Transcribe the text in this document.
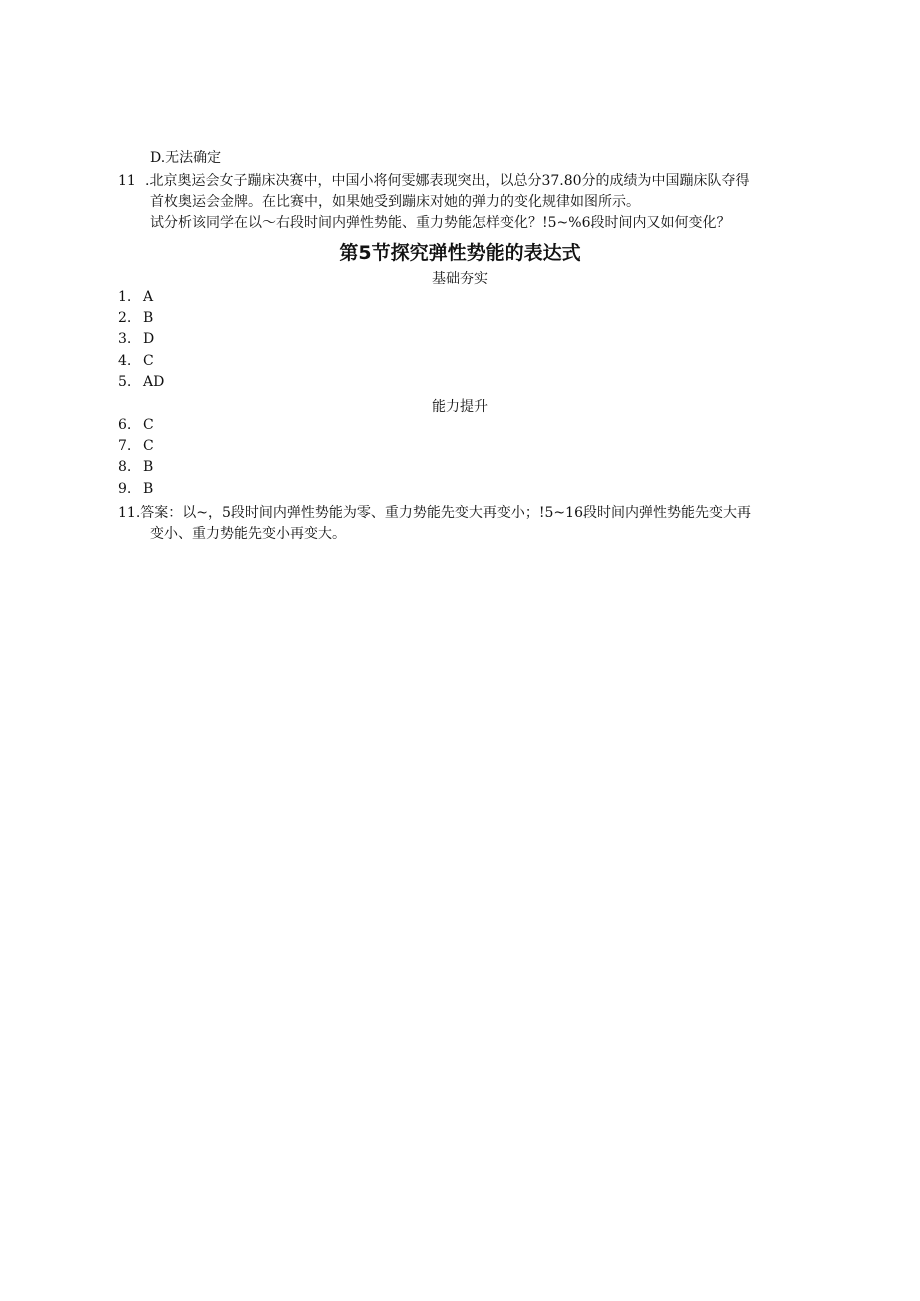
D.无法确定
11 .北京奥运会女子蹦床决赛中，中国小将何雯娜表现突出，以总分37.80分的成绩为中国蹦床队夺得
首枚奥运会金牌。在比赛中，如果她受到蹦床对她的弹力的变化规律如图所示。
试分析该同学在以～右段时间内弹性势能、重力势能怎样变化？!5~%6段时间内又如何变化？
第5节探究弹性势能的表达式
基础夯实
1. A
2. B
3. D
4. C
5. AD
能力提升
6. C
7. C
8. B
9. B
11.答案：以~，5段时间内弹性势能为零、重力势能先变大再变小；!5~16段时间内弹性势能先变大再
变小、重力势能先变小再变大。
